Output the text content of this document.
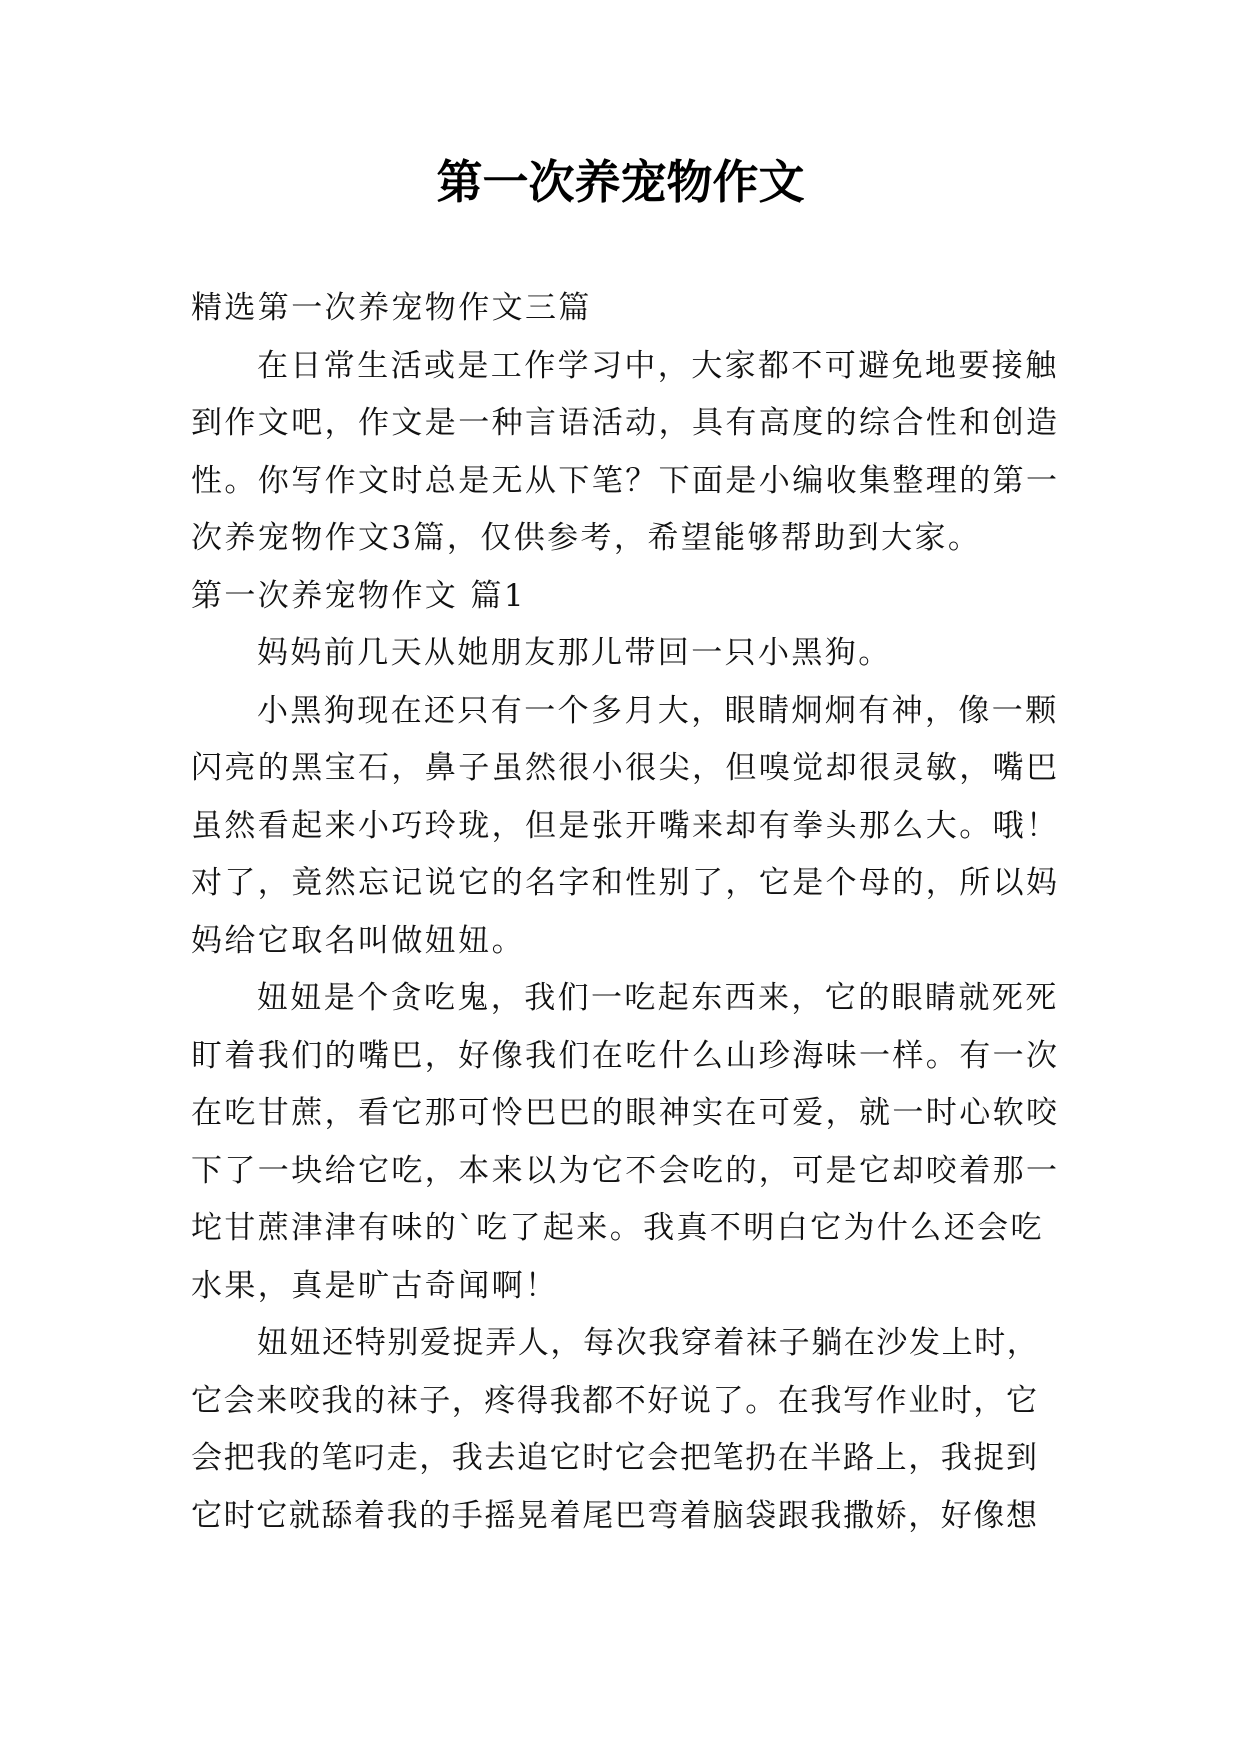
第一次养宠物作文

精选第一次养宠物作文三篇

在日常生活或是工作学习中，大家都不可避免地要接触到作文吧，作文是一种言语活动，具有高度的综合性和创造性。你写作文时总是无从下笔？下面是小编收集整理的第一次养宠物作文3篇，仅供参考，希望能够帮助到大家。

第一次养宠物作文 篇1

妈妈前几天从她朋友那儿带回一只小黑狗。

小黑狗现在还只有一个多月大，眼睛炯炯有神，像一颗闪亮的黑宝石，鼻子虽然很小很尖，但嗅觉却很灵敏，嘴巴虽然看起来小巧玲珑，但是张开嘴来却有拳头那么大。哦！对了，竟然忘记说它的名字和性别了，它是个母的，所以妈妈给它取名叫做妞妞。

妞妞是个贪吃鬼，我们一吃起东西来，它的眼睛就死死盯着我们的嘴巴，好像我们在吃什么山珍海味一样。有一次在吃甘蔗，看它那可怜巴巴的眼神实在可爱，就一时心软咬下了一块给它吃，本来以为它不会吃的，可是它却咬着那一坨甘蔗津津有味的`吃了起来。我真不明白它为什么还会吃水果，真是旷古奇闻啊！

妞妞还特别爱捉弄人，每次我穿着袜子躺在沙发上时，它会来咬我的袜子，疼得我都不好说了。在我写作业时，它会把我的笔叼走，我去追它时它会把笔扔在半路上，我捉到它时它就舔着我的手摇晃着尾巴弯着脑袋跟我撒娇，好像想
